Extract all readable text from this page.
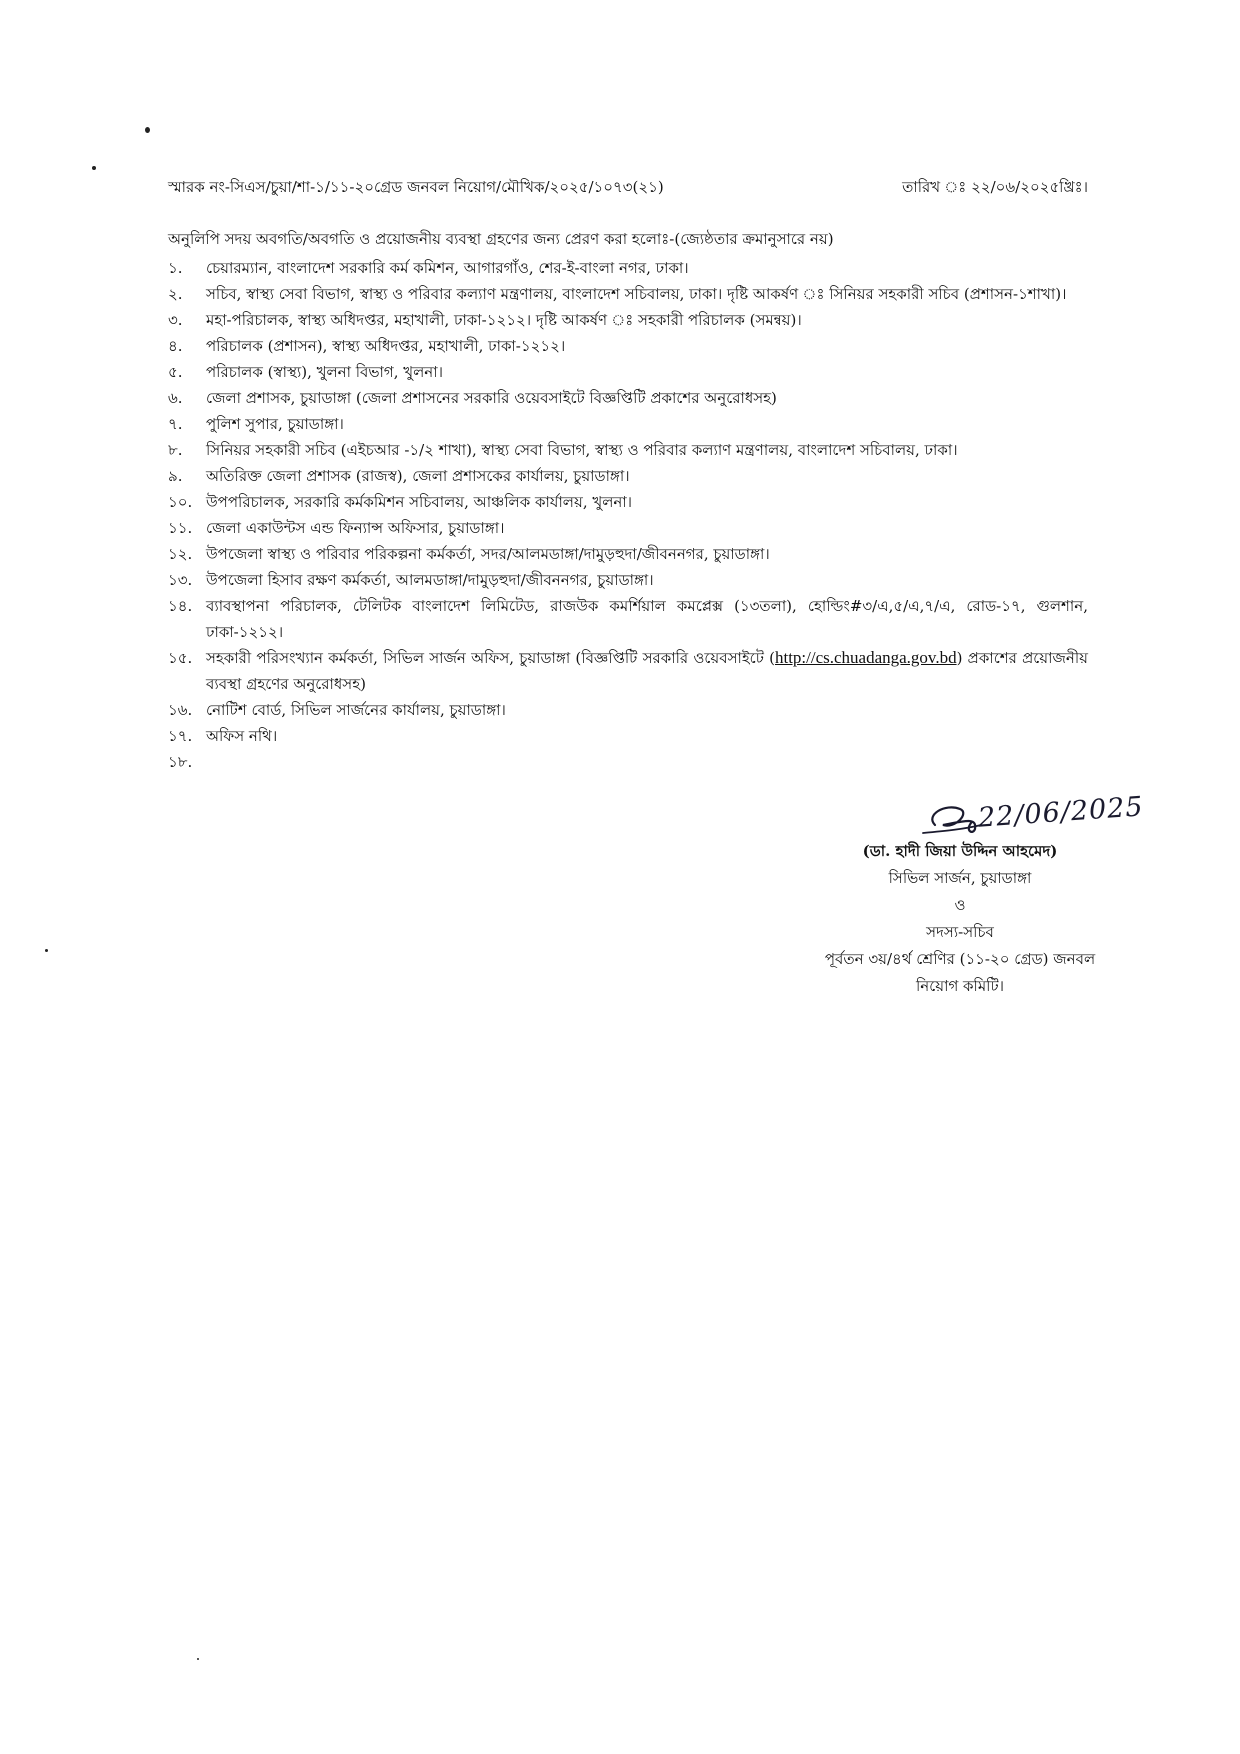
স্মারক নং-সিএস/চুয়া/শা-১/১১-২০গ্রেড জনবল নিয়োগ/মৌখিক/২০২৫/১০৭৩(২১)	তারিখ ঃ ২২/০৬/২০২৫খ্রিঃ।
অনুলিপি সদয় অবগতি/অবগতি ও প্রয়োজনীয় ব্যবস্থা গ্রহণের জন্য প্রেরণ করা হলোঃ-(জ্যেষ্ঠতার ক্রমানুসারে নয়)
১.	চেয়ারম্যান, বাংলাদেশ সরকারি কর্ম কমিশন, আগারগাঁও, শের-ই-বাংলা নগর, ঢাকা।
২.	সচিব, স্বাস্থ্য সেবা বিভাগ, স্বাস্থ্য ও পরিবার কল্যাণ মন্ত্রণালয়, বাংলাদেশ সচিবালয়, ঢাকা। দৃষ্টি আকর্ষণ ঃ সিনিয়র সহকারী সচিব (প্রশাসন-১শাখা)।
৩.	মহা-পরিচালক, স্বাস্থ্য অধিদপ্তর, মহাখালী, ঢাকা-১২১২। দৃষ্টি আকর্ষণ ঃ সহকারী পরিচালক (সমন্বয়)।
৪.	পরিচালক (প্রশাসন), স্বাস্থ্য অধিদপ্তর, মহাখালী, ঢাকা-১২১২।
৫.	পরিচালক (স্বাস্থ্য), খুলনা বিভাগ, খুলনা।
৬.	জেলা প্রশাসক, চুয়াডাঙ্গা (জেলা প্রশাসনের সরকারি ওয়েবসাইটে বিজ্ঞপ্তিটি প্রকাশের অনুরোধসহ)
৭.	পুলিশ সুপার, চুয়াডাঙ্গা।
৮.	সিনিয়র সহকারী সচিব (এইচআর -১/২ শাখা), স্বাস্থ্য সেবা বিভাগ, স্বাস্থ্য ও পরিবার কল্যাণ মন্ত্রণালয়, বাংলাদেশ সচিবালয়, ঢাকা।
৯.	অতিরিক্ত জেলা প্রশাসক (রাজস্ব), জেলা প্রশাসকের কার্যালয়, চুয়াডাঙ্গা।
১০. উপপরিচালক, সরকারি কর্মকমিশন সচিবালয়, আঞ্চলিক কার্যালয়, খুলনা।
১১. জেলা একাউন্টস এন্ড ফিন্যান্স অফিসার, চুয়াডাঙ্গা।
১২. উপজেলা স্বাস্থ্য ও পরিবার পরিকল্পনা কর্মকর্তা, সদর/আলমডাঙ্গা/দামুড়হুদা/জীবননগর, চুয়াডাঙ্গা।
১৩. উপজেলা হিসাব রক্ষণ কর্মকর্তা, আলমডাঙ্গা/দামুড়হুদা/জীবননগর, চুয়াডাঙ্গা।
১৪. ব্যাবস্থাপনা পরিচালক, টেলিটক বাংলাদেশ লিমিটেড, রাজউক কমর্শিয়াল কমপ্লেক্স (১৩তলা), হোল্ডিং#৩/এ,৫/এ,৭/এ, রোড-১৭, গুলশান, ঢাকা-১২১২।
১৫. সহকারী পরিসংখ্যান কর্মকর্তা, সিভিল সার্জন অফিস, চুয়াডাঙ্গা (বিজ্ঞপ্তিটি সরকারি ওয়েবসাইটে (http://cs.chuadanga.gov.bd) প্রকাশের প্রয়োজনীয় ব্যবস্থা গ্রহণের অনুরোধসহ)
১৬. নোটিশ বোর্ড, সিভিল সার্জনের কার্যালয়, চুয়াডাঙ্গা।
১৭. অফিস নথি।
১৮.
22/06/2025
(ডা. হাদী জিয়া উদ্দিন আহমেদ)
সিভিল সার্জন, চুয়াডাঙ্গা
ও
সদস্য-সচিব
পূর্বতন ৩য়/৪র্থ শ্রেণির (১১-২০ গ্রেড) জনবল
নিয়োগ কমিটি।
